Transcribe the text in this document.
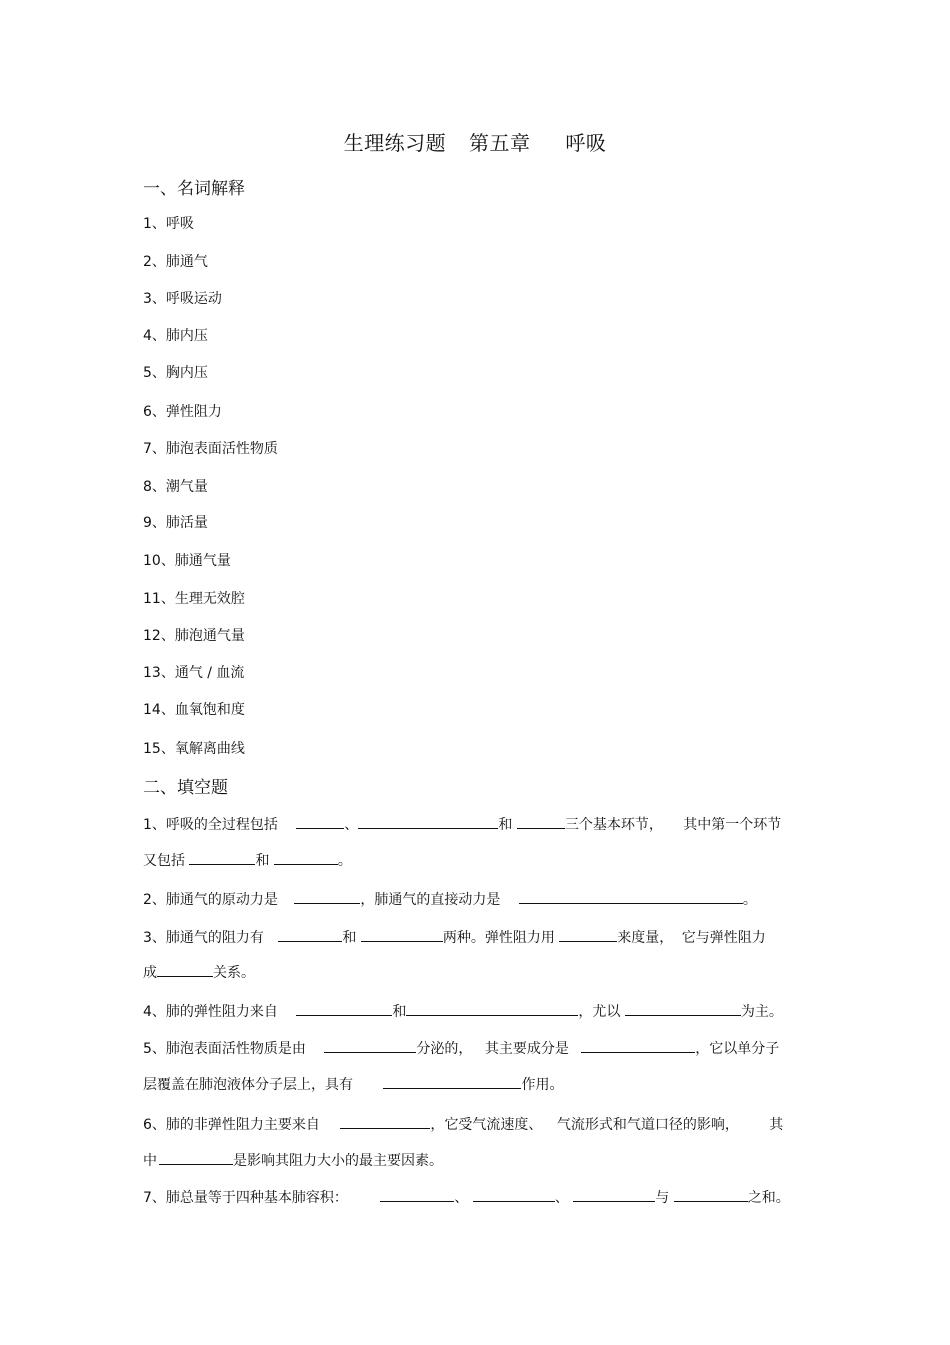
生理练习题 第五章 呼吸
一、名词解释
1、呼吸
2、肺通气
3、呼吸运动
4、肺内压
5、胸内压
6、弹性阻力
7、肺泡表面活性物质
8、潮气量
9、肺活量
10、肺通气量
11、生理无效腔
12、肺泡通气量
13、通气 / 血流
14、血氧饱和度
15、氧解离曲线
二、填空题
1、呼吸的全过程包括	、	和	三个基本环节， 其中第一个环节
又包括	和	。
2、肺通气的原动力是	，肺通气的直接动力是	。
3、肺通气的阻力有	和	两种。弹性阻力用	来度量， 它与弹性阻力
成	关系。
4、肺的弹性阻力来自	和	，尤以	为主。
5、肺泡表面活性物质是由	分泌的， 其主要成分是	，它以单分子
层覆盖在肺泡液体分子层上，具有	作用。
6、肺的非弹性阻力主要来自	，它受气流速度、 气流形式和气道口径的影响， 其
中	是影响其阻力大小的最主要因素。
7、肺总量等于四种基本肺容积：	、	、	与	之和。
